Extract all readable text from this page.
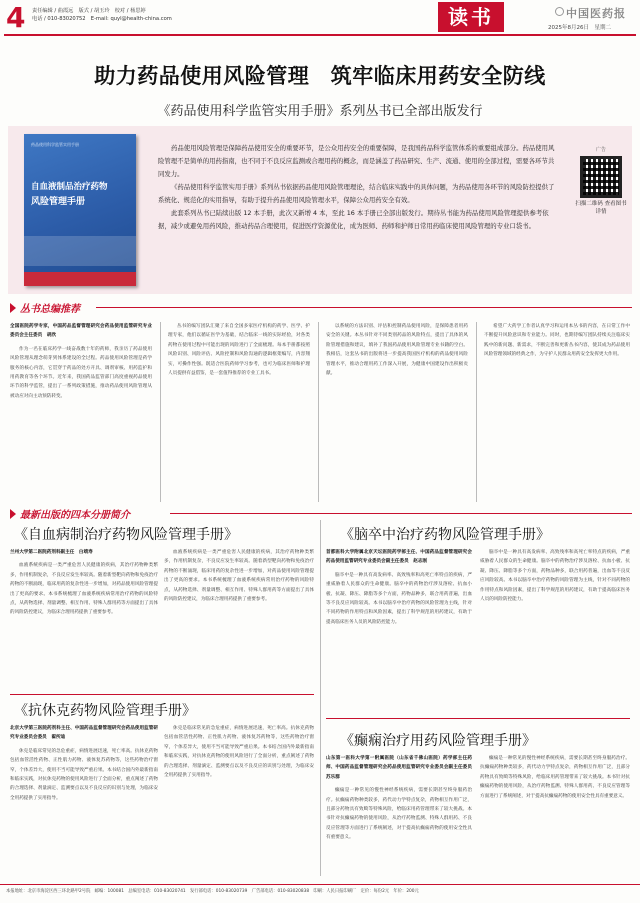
4 责任编辑 / 曲霞远　版式 / 胡玉玲　校对 / 杨思婷
电话 / 010-83020752　E-mail: quyl@health-china.com	读书	中国医药报
2025年8月26日　星期二
助力药品使用风险管理　筑牢临床用药安全防线
《药品使用科学监管实用手册》系列丛书已全部出版发行
药品使用科学监管实用手册
自血液制品治疗药物
风险管理手册

药品使用风险管理是保障药品使用安全的重要环节，是公众用药安全的重要保障，是我国药品科学监管体系的重要组成部分。药品使用风险管理不是简单的用药指南，也不同于不良反应监测或合理用药的概念，而是涵盖了药品研究、生产、流通、使用的全部过程，需要各环节共同发力。

《药品使用科学监管实用手册》系列丛书依据药品使用风险管理理论，结合临床实践中的具体问题，为药品使用各环节的风险防控提供了系统化、规范化的实用指导，有助于提升药品使用风险管理水平，保障公众用药安全有效。

此套系列丛书已陆续出版 12 本手册，此次又新增 4 本，至此 16 本手册已全部出版发行。期待丛书能为药品使用风险管理提供参考依据，减少或避免用药风险，推动药品合理使用，促进医疗资源优化，成为医师、药师和护师日常用药临床使用风险管理的专业口袋书。

广告
扫描二维码 查看图书详情
丛书总编推荐
全国医院药学专家，中国药品监督管理研究会药品使用监管研究专业委员会主任委员　胡欣

作为一名在临床药学一线奋战数十年的药师，我亲历了药品使用风险管理从理念萌芽到体系建设的全过程。药品使用风险管理是药学服务的核心内容，它贯穿于药品的处方开具、调剂审核、用药监护和用药教育等各个环节。近年来，我国药品监管部门高度重视药品使用环节的科学监管，提出了一系列政策措施，推动药品使用风险管理从被动应对向主动预防转变。

丛书的编写团队汇聚了来自全国多家医疗机构的药学、医学、护理专家，他们以循证医学为基础，结合临床一线的实际经验，对各类药物在使用过程中可能出现的风险进行了全面梳理。每本手册都按照风险识别、风险评估、风险控制和风险沟通的逻辑框架编写，内容翔实，可操作性强。既适合医院药师学习参考，也可为临床医师和护理人员提供有益借鉴，是一套值得推荐的专业工具书。

以系统的方法识别、评估和控制药品使用风险，是保障患者用药安全的关键。本丛书针对不同类别药品的风险特点，提出了具体的风险管理措施和建议，填补了我国药品使用风险管理专业书籍的空白。我相信，这套丛书的出版将进一步提高我国医疗机构的药品使用风险管理水平，推动合理用药工作深入开展，为健康中国建设作出积极贡献。

希望广大药学工作者认真学习和运用本丛书的内容，在日常工作中不断提升风险意识和专业能力。同时，也期待编写团队持续关注临床实践中的新问题、新需求，不断完善和更新丛书内容，使其成为药品使用风险管理领域的经典之作，为守护人民群众用药安全发挥更大作用。

最新出版的四本分册简介
《自血病制治疗药物风险管理手册》
兰州大学第二医院药剂科副主任　白靖寿

血液系统疾病是一类严重危害人民健康的疾病，其治疗药物种类繁多，作用机制复杂，不良反应发生率较高。随着新型靶向药物和免疫治疗药物的不断涌现，临床用药的复杂性进一步增加，对药品使用风险管理提出了更高的要求。本书系统梳理了血液系统疾病常用治疗药物的风险特点，从药物选择、剂量调整、相互作用、特殊人群用药等方面提出了具体的风险防控建议，为临床合理用药提供了重要参考。

血液系统疾病是一类严重危害人民健康的疾病，其治疗药物种类繁多，作用机制复杂，不良反应发生率较高。随着新型靶向药物和免疫治疗药物的不断涌现，临床用药的复杂性进一步增加，对药品使用风险管理提出了更高的要求。本书系统梳理了血液系统疾病常用治疗药物的风险特点，从药物选择、剂量调整、相互作用、特殊人群用药等方面提出了具体的风险防控建议，为临床合理用药提供了重要参考。

《脑卒中治疗药物风险管理手册》
首都医科大学附属北京天坛医院药学部主任、中国药品监督管理研究会药品使用监管研究专业委员会副主任委员　赵志刚

脑卒中是一种具有高发病率、高致残率和高死亡率特点的疾病，严重威胁着人民群众的生命健康。脑卒中的药物治疗涉及溶栓、抗血小板、抗凝、降压、降脂等多个方面，药物品种多，联合用药普遍，出血等不良反应风险较高。本书以脑卒中治疗药物的风险管理为主线，针对不同药物的作用特点和风险因素，提出了科学规范的用药建议，有助于提高临床医务人员的风险防控能力。

脑卒中是一种具有高发病率、高致残率和高死亡率特点的疾病，严重威胁着人民群众的生命健康。脑卒中的药物治疗涉及溶栓、抗血小板、抗凝、降压、降脂等多个方面，药物品种多，联合用药普遍，出血等不良反应风险较高。本书以脑卒中治疗药物的风险管理为主线，针对不同药物的作用特点和风险因素，提出了科学规范的用药建议，有助于提高临床医务人员的风险防控能力。

《抗休克药物风险管理手册》
北京大学第三医院药剂科主任、中国药品监督管理研究会药品使用监管研究专业委员会委员　翟所迪

休克是临床常见的急危重症，病情进展迅速，死亡率高。抗休克药物包括血管活性药物、正性肌力药物、液体复苏药物等，这些药物治疗窗窄，个体差异大，使用不当可能导致严重后果。本书结合国内外最新指南和临床实践，对抗休克药物的使用风险进行了全面分析，重点阐述了药物的合理选择、剂量滴定、监测要点以及不良反应的识别与处理，为临床安全用药提供了实用指导。

休克是临床常见的急危重症，病情进展迅速，死亡率高。抗休克药物包括血管活性药物、正性肌力药物、液体复苏药物等，这些药物治疗窗窄，个体差异大，使用不当可能导致严重后果。本书结合国内外最新指南和临床实践，对抗休克药物的使用风险进行了全面分析，重点阐述了药物的合理选择、剂量滴定、监测要点以及不良反应的识别与处理，为临床安全用药提供了实用指导。

《癫痫治疗用药风险管理手册》
山东第一医科大学第一附属医院（山东省千佛山医院）药学部主任药师、中国药品监督管理研究会药品使用监管研究专业委员会副主任委员　苏乐群

癫痫是一种常见的慢性神经系统疾病，需要长期甚至终身服药治疗。抗癫痫药物种类较多，药代动力学特点复杂，药物相互作用广泛，且部分药物具有致畸等特殊风险，给临床用药管理带来了较大挑战。本书针对抗癫痫药物的使用风险，从治疗药物监测、特殊人群用药、不良反应管理等方面进行了系统阐述，对于提高抗癫痫药物的使用安全性具有重要意义。

癫痫是一种常见的慢性神经系统疾病，需要长期甚至终身服药治疗。抗癫痫药物种类较多，药代动力学特点复杂，药物相互作用广泛，且部分药物具有致畸等特殊风险，给临床用药管理带来了较大挑战。本书针对抗癫痫药物的使用风险，从治疗药物监测、特殊人群用药、不良反应管理等方面进行了系统阐述，对于提高抗癫痫药物的使用安全性具有重要意义。

本报地址：北京市海淀区西三环北路甲2号院　邮编：100081　总编室电话：010-83020741　发行部电话：010-83020739　广告部电话：010-83020838　印刷：人民日报印刷厂　定价：每份2元　年价：200元
